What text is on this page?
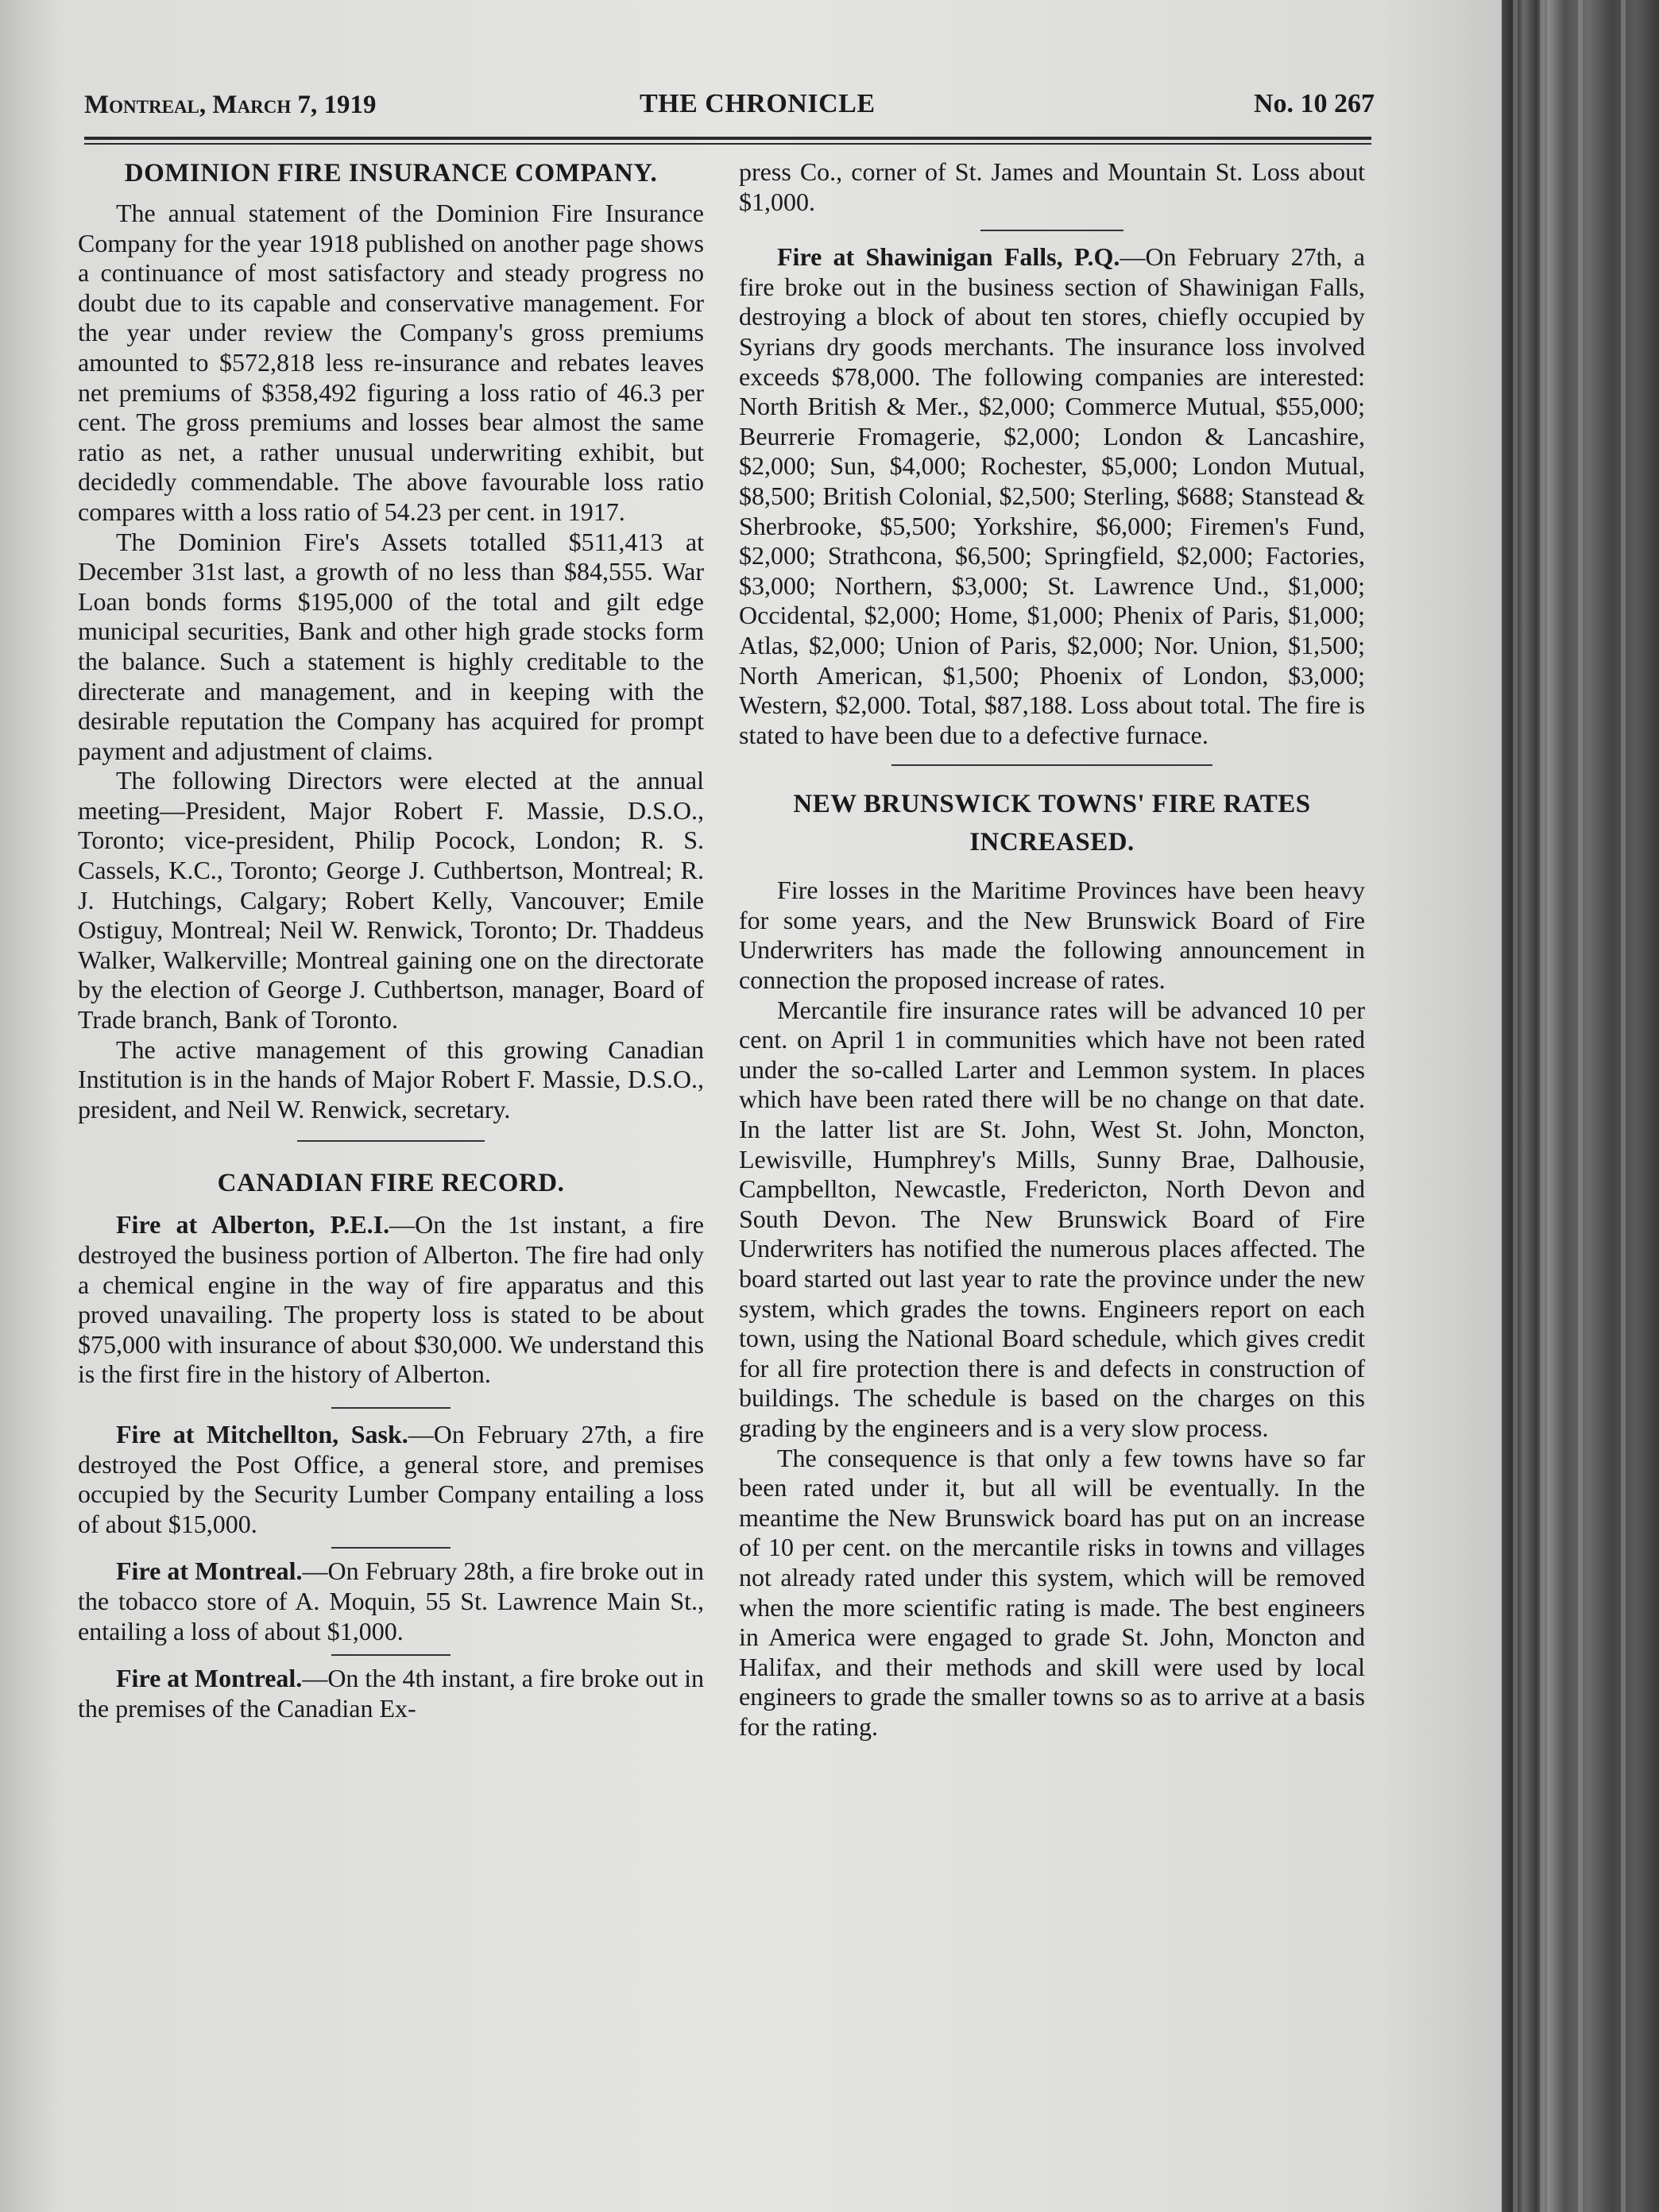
Montreal, March 7, 1919	THE CHRONICLE	No. 10 267
DOMINION FIRE INSURANCE COMPANY.

The annual statement of the Dominion Fire Insurance Company for the year 1918 published on another page shows a continuance of most satisfactory and steady progress no doubt due to its capable and conservative management. For the year under review the Company's gross premiums amounted to $572,818 less re-insurance and rebates leaves net premiums of $358,492 figuring a loss ratio of 46.3 per cent. The gross premiums and losses bear almost the same ratio as net, a rather unusual underwriting exhibit, but decidedly commendable. The above favourable loss ratio compares witth a loss ratio of 54.23 per cent. in 1917.

The Dominion Fire's Assets totalled $511,413 at December 31st last, a growth of no less than $84,555. War Loan bonds forms $195,000 of the total and gilt edge municipal securities, Bank and other high grade stocks form the balance. Such a statement is highly creditable to the directerate and management, and in keeping with the desirable reputation the Company has acquired for prompt payment and adjustment of claims.

The following Directors were elected at the annual meeting—President, Major Robert F. Massie, D.S.O., Toronto; vice-president, Philip Pocock, London; R. S. Cassels, K.C., Toronto; George J. Cuthbertson, Montreal; R. J. Hutchings, Calgary; Robert Kelly, Vancouver; Emile Ostiguy, Montreal; Neil W. Renwick, Toronto; Dr. Thaddeus Walker, Walkerville; Montreal gaining one on the directorate by the election of George J. Cuthbertson, manager, Board of Trade branch, Bank of Toronto.

The active management of this growing Canadian Institution is in the hands of Major Robert F. Massie, D.S.O., president, and Neil W. Renwick, secretary.

CANADIAN FIRE RECORD.

Fire at Alberton, P.E.I.—On the 1st instant, a fire destroyed the business portion of Alberton. The fire had only a chemical engine in the way of fire apparatus and this proved unavailing. The property loss is stated to be about $75,000 with insurance of about $30,000. We understand this is the first fire in the history of Alberton.

Fire at Mitchellton, Sask.—On February 27th, a fire destroyed the Post Office, a general store, and premises occupied by the Security Lumber Company entailing a loss of about $15,000.

Fire at Montreal.—On February 28th, a fire broke out in the tobacco store of A. Moquin, 55 St. Lawrence Main St., entailing a loss of about $1,000.

Fire at Montreal.—On the 4th instant, a fire broke out in the premises of the Canadian Ex-

press Co., corner of St. James and Mountain St. Loss about $1,000.

Fire at Shawinigan Falls, P.Q.—On February 27th, a fire broke out in the business section of Shawinigan Falls, destroying a block of about ten stores, chiefly occupied by Syrians dry goods merchants. The insurance loss involved exceeds $78,000. The following companies are interested: North British & Mer., $2,000; Commerce Mutual, $55,000; Beurrerie Fromagerie, $2,000; London & Lancashire, $2,000; Sun, $4,000; Rochester, $5,000; London Mutual, $8,500; British Colonial, $2,500; Sterling, $688; Stanstead & Sherbrooke, $5,500; Yorkshire, $6,000; Firemen's Fund, $2,000; Strathcona, $6,500; Springfield, $2,000; Factories, $3,000; Northern, $3,000; St. Lawrence Und., $1,000; Occidental, $2,000; Home, $1,000; Phenix of Paris, $1,000; Atlas, $2,000; Union of Paris, $2,000; Nor. Union, $1,500; North American, $1,500; Phoenix of London, $3,000; Western, $2,000. Total, $87,188. Loss about total. The fire is stated to have been due to a defective furnace.

NEW BRUNSWICK TOWNS' FIRE RATES
INCREASED.

Fire losses in the Maritime Provinces have been heavy for some years, and the New Brunswick Board of Fire Underwriters has made the following announcement in connection the proposed increase of rates.

Mercantile fire insurance rates will be advanced 10 per cent. on April 1 in communities which have not been rated under the so-called Larter and Lemmon system. In places which have been rated there will be no change on that date. In the latter list are St. John, West St. John, Moncton, Lewisville, Humphrey's Mills, Sunny Brae, Dalhousie, Campbellton, Newcastle, Fredericton, North Devon and South Devon. The New Brunswick Board of Fire Underwriters has notified the numerous places affected. The board started out last year to rate the province under the new system, which grades the towns. Engineers report on each town, using the National Board schedule, which gives credit for all fire protection there is and defects in construction of buildings. The schedule is based on the charges on this grading by the engineers and is a very slow process.

The consequence is that only a few towns have so far been rated under it, but all will be eventually. In the meantime the New Brunswick board has put on an increase of 10 per cent. on the mercantile risks in towns and villages not already rated under this system, which will be removed when the more scientific rating is made. The best engineers in America were engaged to grade St. John, Moncton and Halifax, and their methods and skill were used by local engineers to grade the smaller towns so as to arrive at a basis for the rating.
